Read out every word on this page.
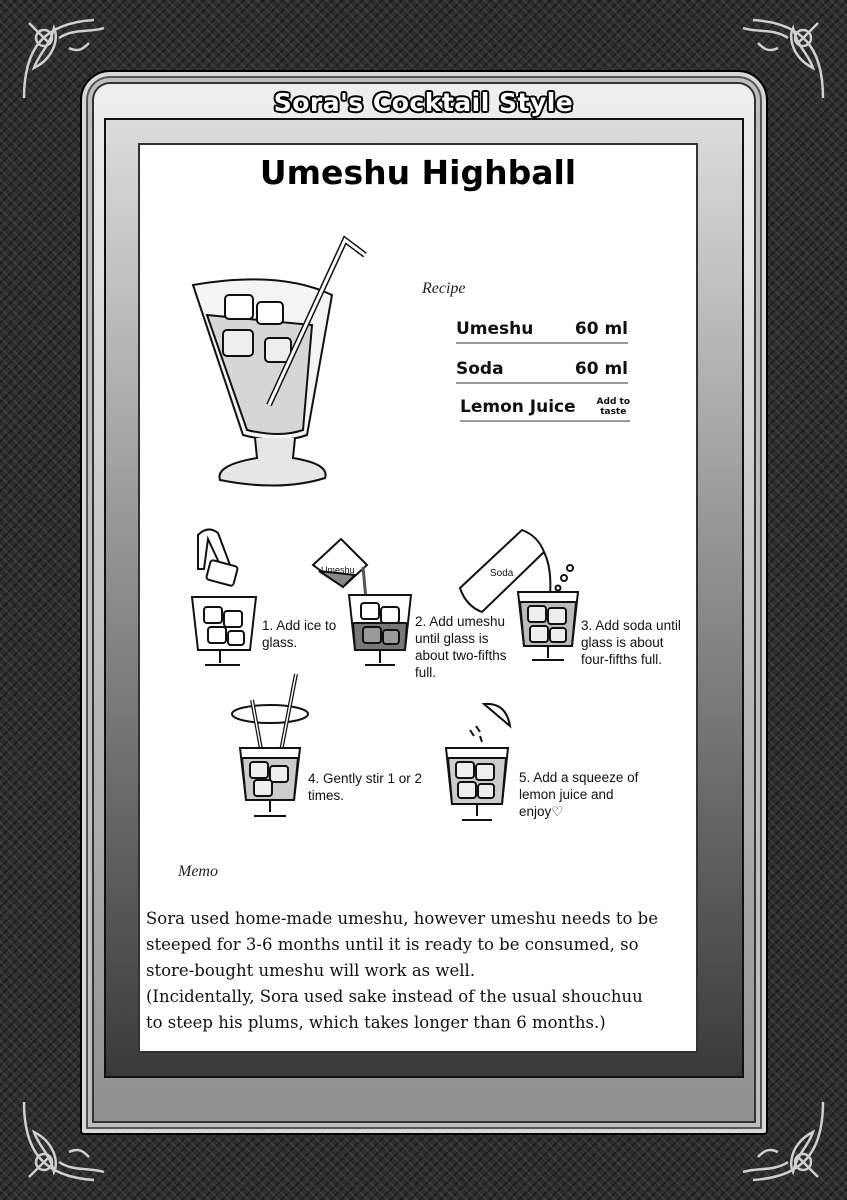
Sora's Cocktail Style
Umeshu Highball
Recipe
Umeshu 60 ml
Soda	60 ml
Lemon Juice Add to
taste
1. Add ice to glass.
Umeshu
2. Add umeshu until glass is about two-fifths full.
Soda
3. Add soda until glass is about four-fifths full.
4. Gently stir 1 or 2 times.
5. Add a squeeze of lemon juice and enjoy♡
Memo

Sora used home-made umeshu, however umeshu needs to be

steeped for 3-6 months until it is ready to be consumed, so

store-bought umeshu will work as well.

(Incidentally, Sora used sake instead of the usual shouchuu

to steep his plums, which takes longer than 6 months.)
